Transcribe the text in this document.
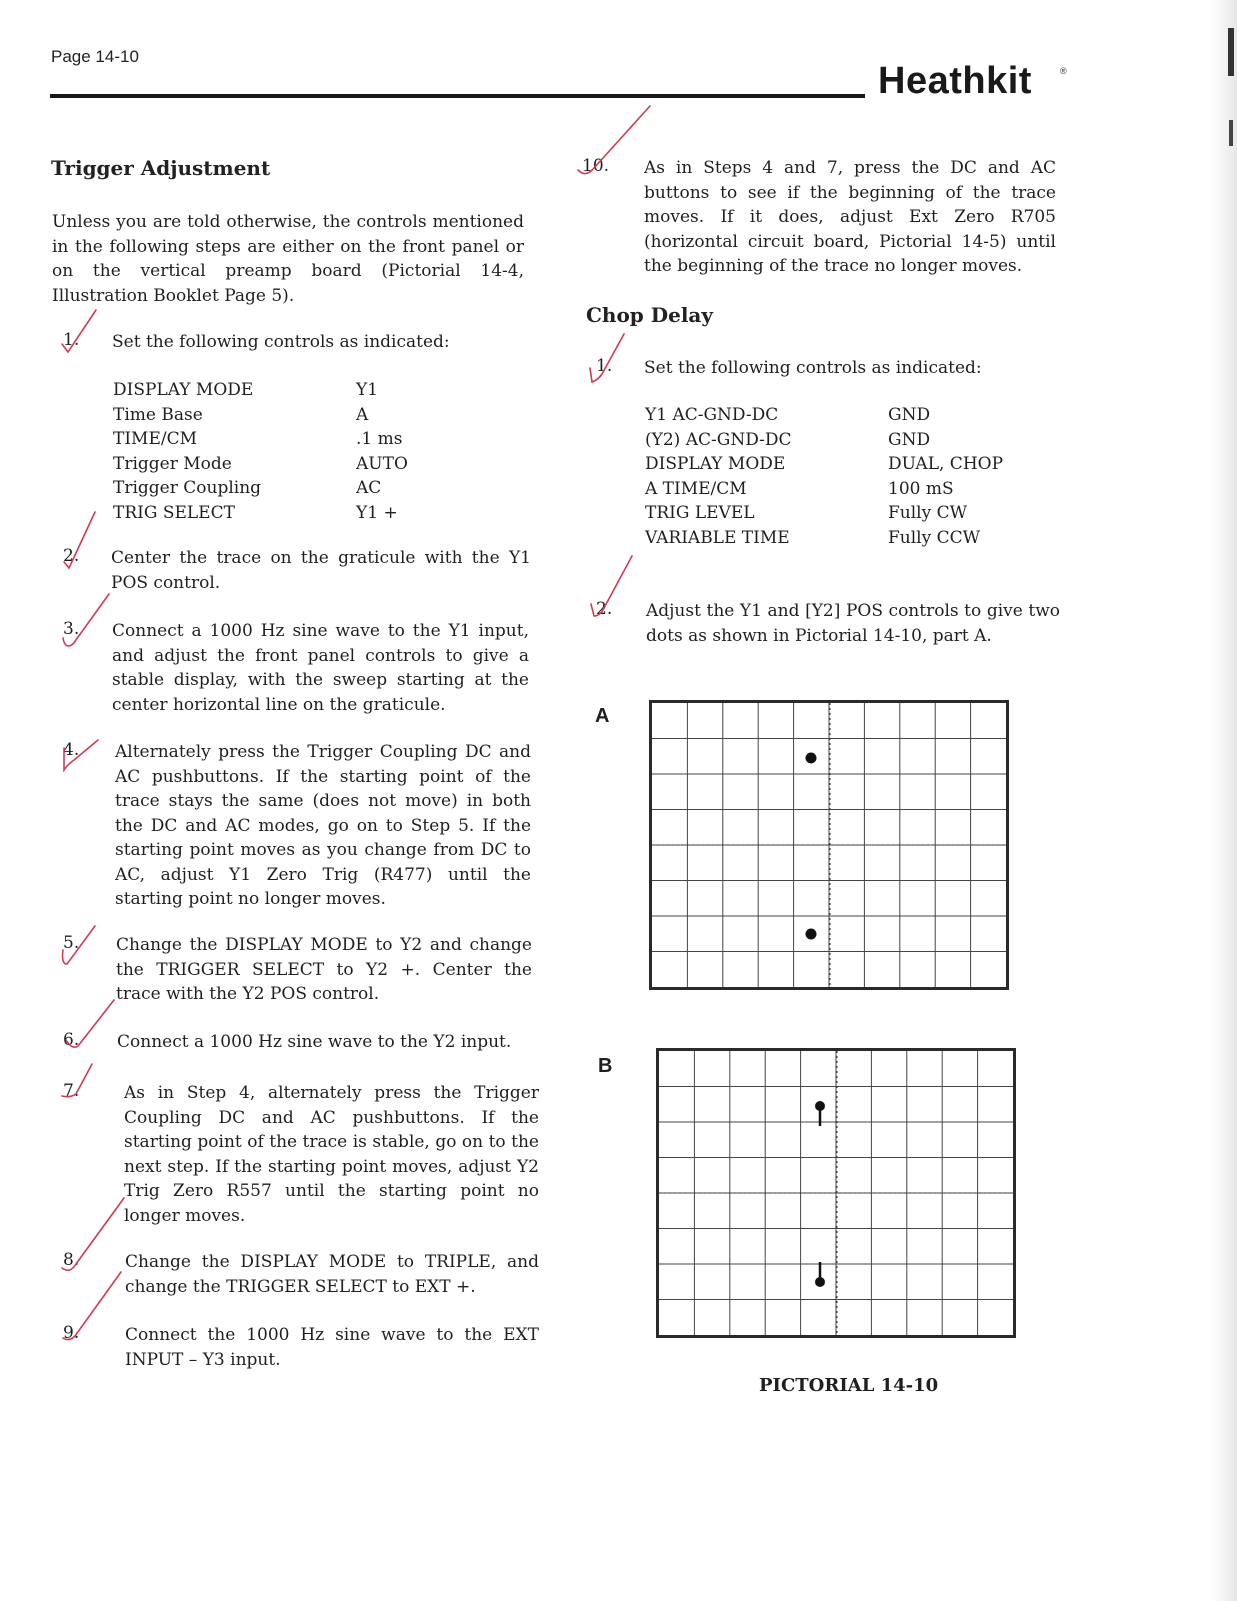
Page 14-10
Heathkit	®
Trigger Adjustment
Unless you are told otherwise, the controls mentioned in the following steps are either on the front panel or on the vertical preamp board (Pictorial 14-4, Illustration Booklet Page 5).
1. Set the following controls as indicated:
DISPLAY MODE	Y1
Time Base	A
TIME/CM	.1 ms
Trigger Mode	AUTO
Trigger Coupling	AC
TRIG SELECT	Y1 +
2. Center the trace on the graticule with the Y1 POS control.
3. Connect a 1000 Hz sine wave to the Y1 input, and adjust the front panel controls to give a stable display, with the sweep starting at the center horizontal line on the graticule.
4. Alternately press the Trigger Coupling DC and AC pushbuttons. If the starting point of the trace stays the same (does not move) in both the DC and AC modes, go on to Step 5. If the starting point moves as you change from DC to AC, adjust Y1 Zero Trig (R477) until the starting point no longer moves.
5. Change the DISPLAY MODE to Y2 and change the TRIGGER SELECT to Y2 +. Center the trace with the Y2 POS control.
6. Connect a 1000 Hz sine wave to the Y2 input.
7.	As in Step 4, alternately press the Trigger Coupling DC and AC pushbuttons. If the starting point of the trace is stable, go on to the next step. If the starting point moves, adjust Y2 Trig Zero R557 until the starting point no longer moves.
8.	Change the DISPLAY MODE to TRIPLE, and change the TRIGGER SELECT to EXT +.
9.	Connect the 1000 Hz sine wave to the EXT INPUT – Y3 input.
10. As in Steps 4 and 7, press the DC and AC buttons to see if the beginning of the trace moves. If it does, adjust Ext Zero R705 (horizontal circuit board, Pictorial 14-5) until the beginning of the trace no longer moves.
Chop Delay
1. Set the following controls as indicated:
Y1 AC-GND-DC	GND
(Y2) AC-GND-DC	GND
DISPLAY MODE	DUAL, CHOP
A TIME/CM	100 mS
TRIG LEVEL	Fully CW
VARIABLE TIME	Fully CCW
2. Adjust the Y1 and [Y2] POS controls to give two dots as shown in Pictorial 14-10, part A.
A
B
PICTORIAL 14-10
